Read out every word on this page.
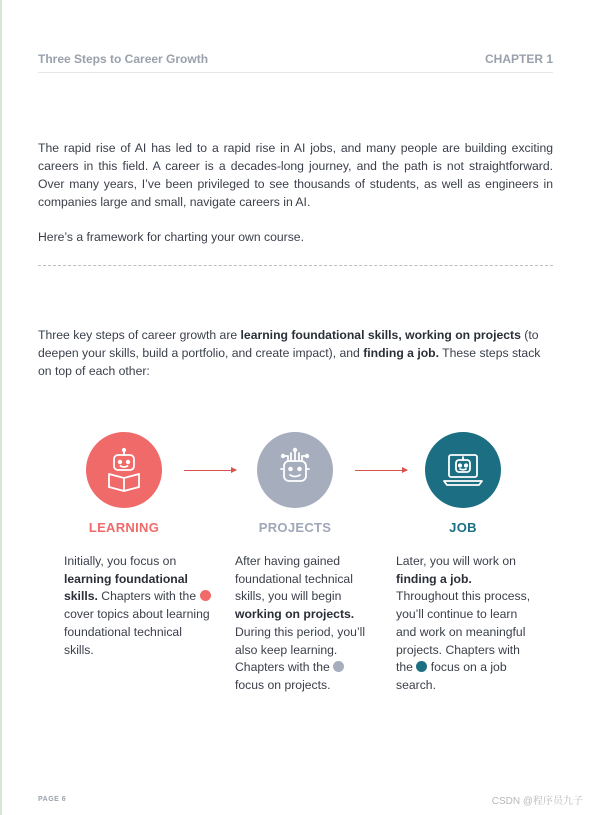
Three Steps to Career Growth	CHAPTER 1

The rapid rise of AI has led to a rapid rise in AI jobs, and many people are building exciting careers in this field. A career is a decades-long journey, and the path is not straightforward. Over many years, I’ve been privileged to see thousands of students, as well as engineers in companies large and small, navigate careers in AI.

Here’s a framework for charting your own course.

Three key steps of career growth are learning foundational skills, working on projects (to deepen your skills, build a portfolio, and create impact), and finding a job. These steps stack on top of each other:

LEARNING	PROJECTS	JOB

Initially, you focus on learning foundational skills. Chapters with the  cover topics about learning foundational technical skills.

After having gained foundational technical skills, you will begin working on projects. During this period, you’ll also keep learning. Chapters with the  focus on projects.

Later, you will work on finding a job. Throughout this process, you’ll continue to learn and work on meaningful projects. Chapters with the  focus on a job search.

PAGE 6	CSDN @程序员九子
